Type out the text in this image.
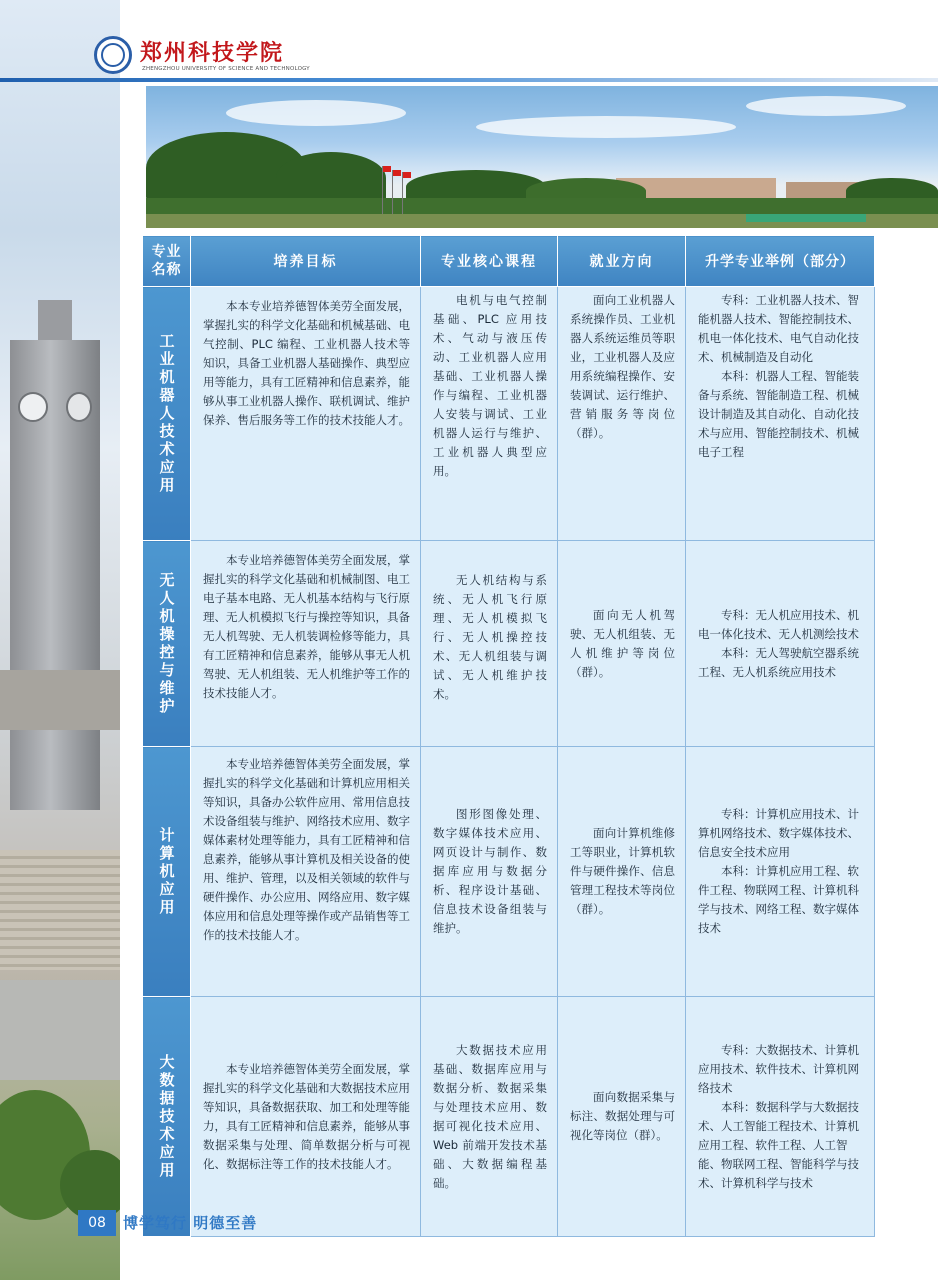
郑州科技学院
ZHENGZHOU UNIVERSITY OF SCIENCE AND TECHNOLOGY
专业名称	培养目标	专业核心课程	就业方向	升学专业举例（部分）

工业机器人技术应用	本本专业培养德智体美劳全面发展，掌握扎实的科学文化基础和机械基础、电气控制、PLC 编程、工业机器人技术等知识，具备工业机器人基础操作、典型应用等能力，具有工匠精神和信息素养，能够从事工业机器人操作、联机调试、维护保养、售后服务等工作的技术技能人才。	电机与电气控制基础、PLC 应用技术、气动与液压传动、工业机器人应用基础、工业机器人操作与编程、工业机器人安装与调试、工业机器人运行与维护、工业机器人典型应用。	面向工业机器人系统操作员、工业机器人系统运维员等职业，工业机器人及应用系统编程操作、安装调试、运行维护、营销服务等岗位（群）。	专科：工业机器人技术、智能机器人技术、智能控制技术、机电一体化技术、电气自动化技术、机械制造及自动化
本科：机器人工程、智能装备与系统、智能制造工程、机械设计制造及其自动化、自动化技术与应用、智能控制技术、机械电子工程

无人机操控与维护	本专业培养德智体美劳全面发展，掌握扎实的科学文化基础和机械制图、电工电子基本电路、无人机基本结构与飞行原理、无人机模拟飞行与操控等知识，具备无人机驾驶、无人机装调检修等能力，具有工匠精神和信息素养，能够从事无人机驾驶、无人机组装、无人机维护等工作的技术技能人才。	无人机结构与系统、无人机飞行原理、无人机模拟飞行、无人机操控技术、无人机组装与调试、无人机维护技术。	面向无人机驾驶、无人机组装、无人机维护等岗位（群）。	专科：无人机应用技术、机电一体化技术、无人机测绘技术
本科：无人驾驶航空器系统工程、无人机系统应用技术

计算机应用	本专业培养德智体美劳全面发展，掌握扎实的科学文化基础和计算机应用相关等知识，具备办公软件应用、常用信息技术设备组装与维护、网络技术应用、数字媒体素材处理等能力，具有工匠精神和信息素养，能够从事计算机及相关设备的使用、维护、管理，以及相关领域的软件与硬件操作、办公应用、网络应用、数字媒体应用和信息处理等操作或产品销售等工作的技术技能人才。	图形图像处理、数字媒体技术应用、网页设计与制作、数据库应用与数据分析、程序设计基础、信息技术设备组装与维护。	面向计算机维修工等职业，计算机软件与硬件操作、信息管理工程技术等岗位（群）。	专科：计算机应用技术、计算机网络技术、数字媒体技术、信息安全技术应用
本科：计算机应用工程、软件工程、物联网工程、计算机科学与技术、网络工程、数字媒体技术

大数据技术应用	本专业培养德智体美劳全面发展，掌握扎实的科学文化基础和大数据技术应用等知识，具备数据获取、加工和处理等能力，具有工匠精神和信息素养，能够从事数据采集与处理、简单数据分析与可视化、数据标注等工作的技术技能人才。	大数据技术应用基础、数据库应用与数据分析、数据采集与处理技术应用、数据可视化技术应用、Web 前端开发技术基础、大数据编程基础。	面向数据采集与标注、数据处理与可视化等岗位（群）。	专科：大数据技术、计算机应用技术、软件技术、计算机网络技术
本科：数据科学与大数据技术、人工智能工程技术、计算机应用工程、软件工程、人工智能、物联网工程、智能科学与技术、计算机科学与技术
08	博学笃行 明德至善
